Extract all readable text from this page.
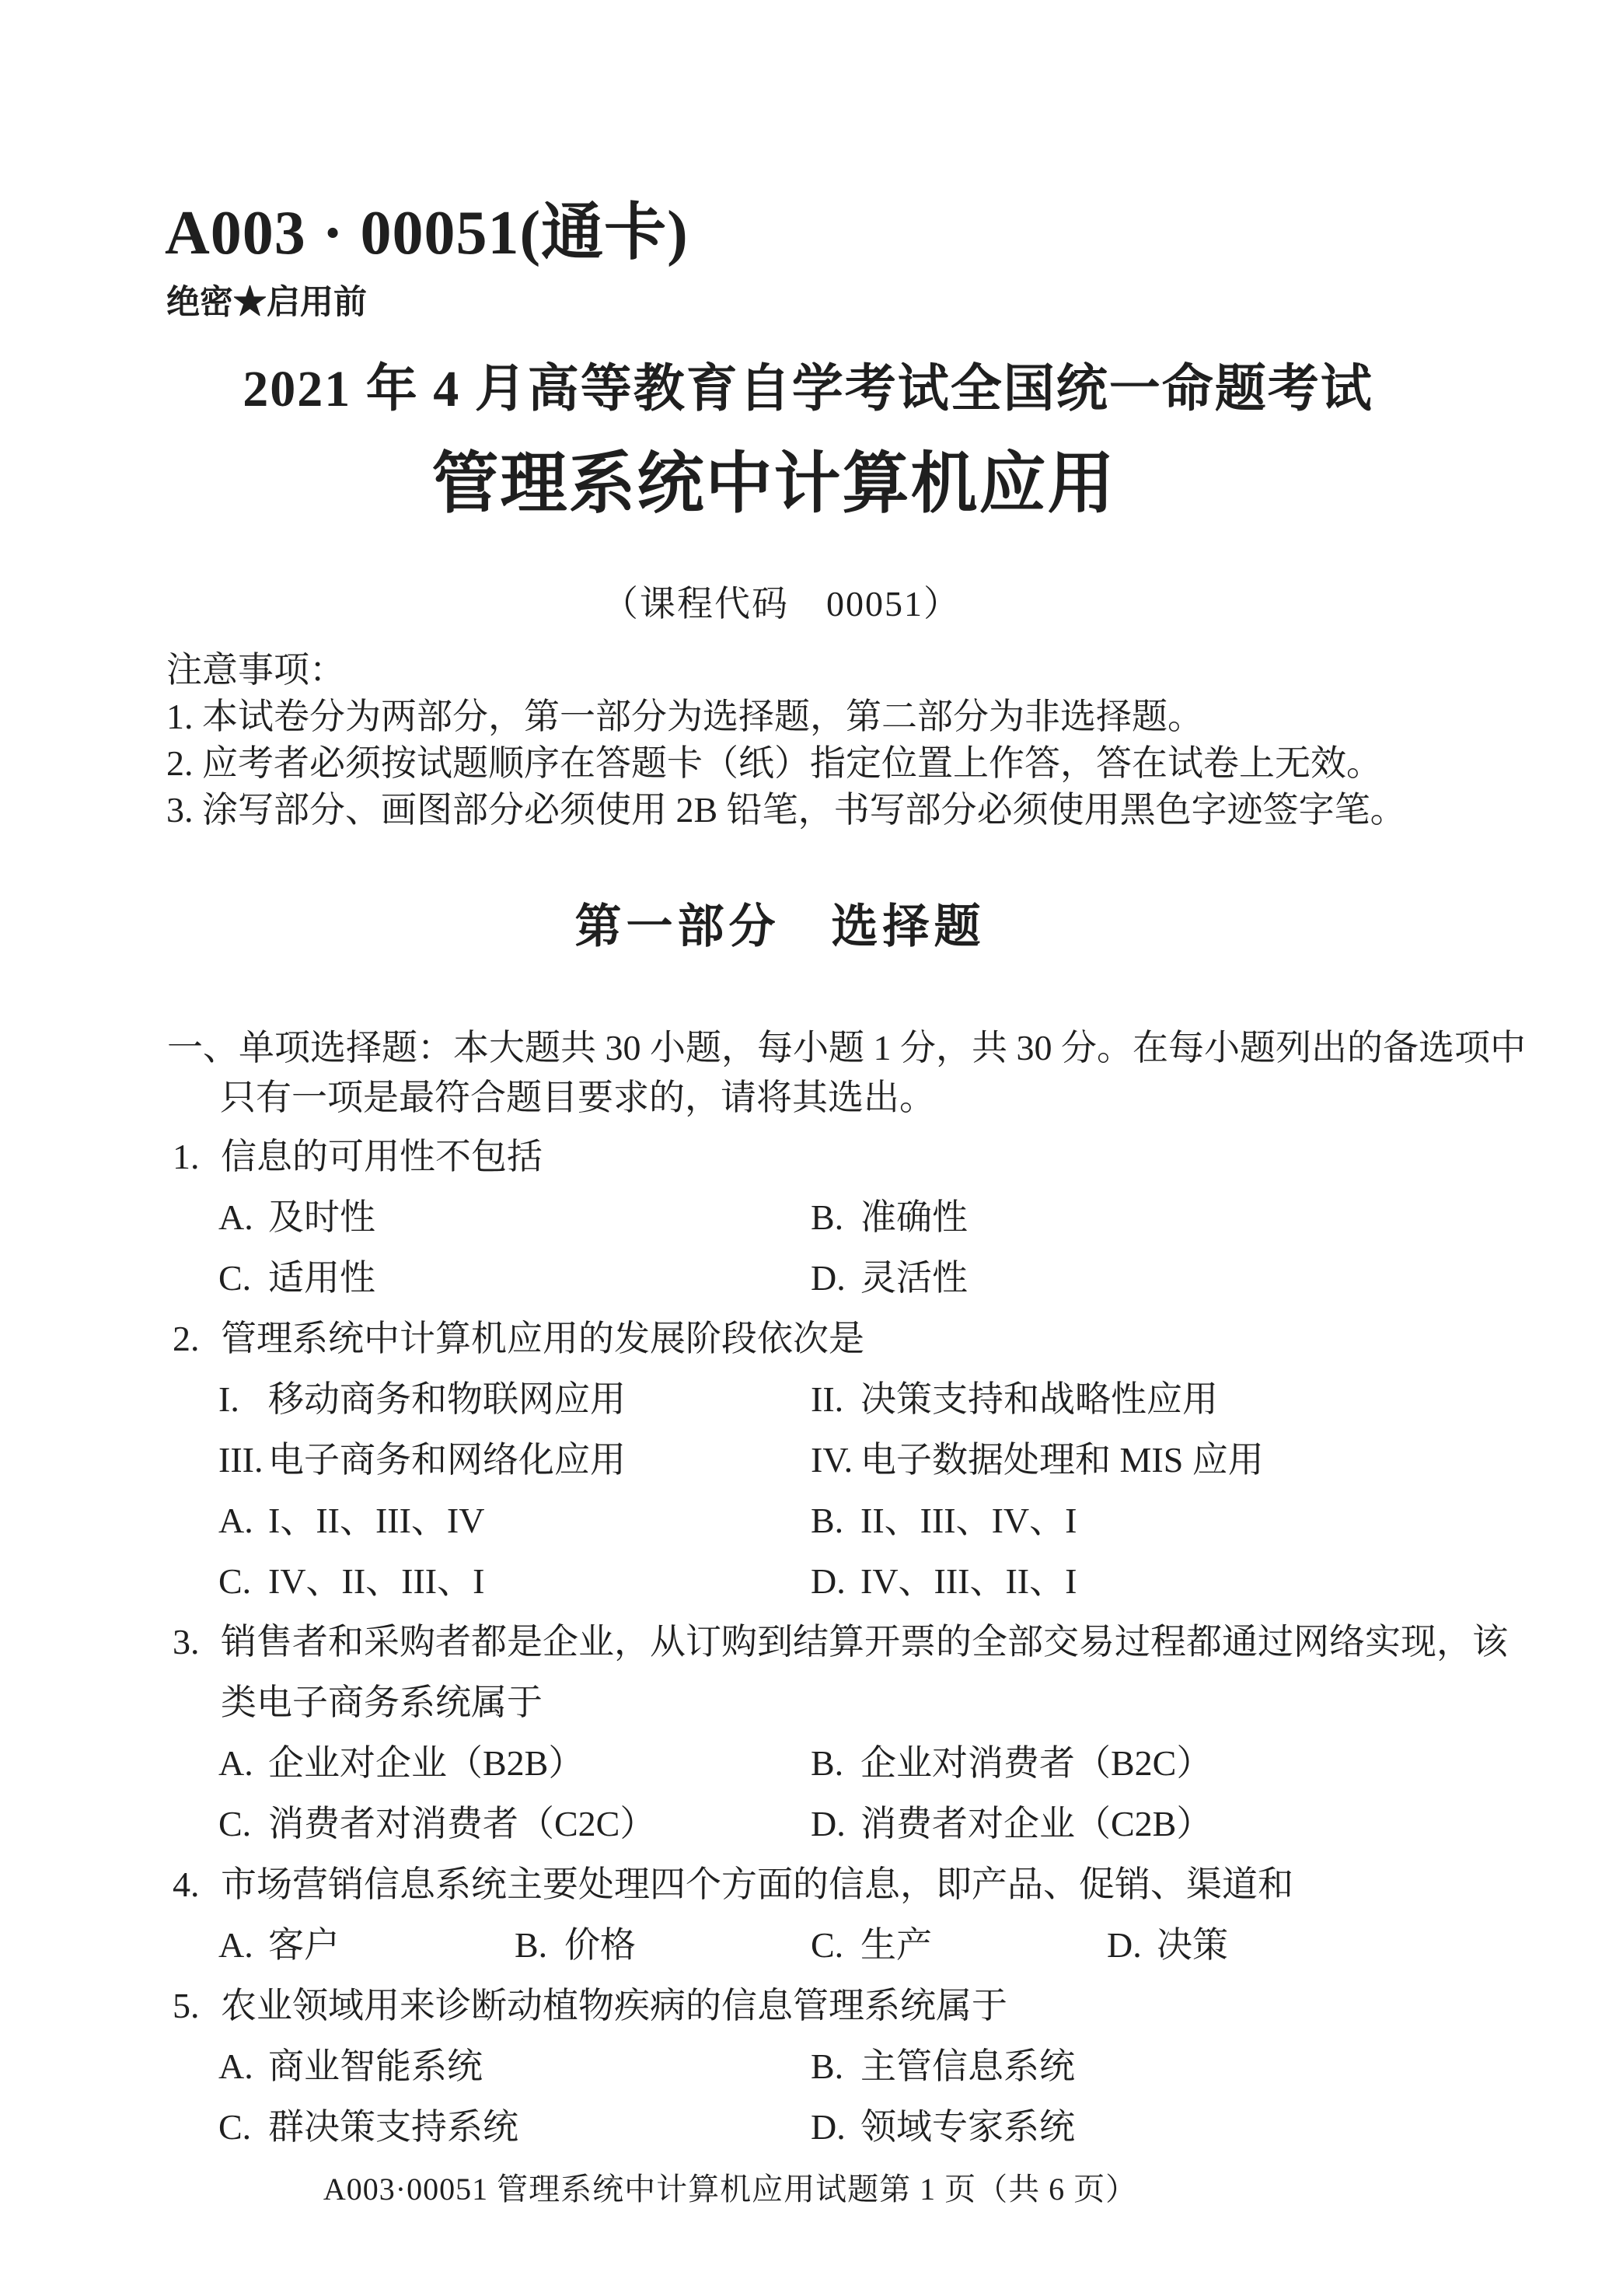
A003 · 00051(通卡)
绝密★启用前
2021 年 4 月高等教育自学考试全国统一命题考试
管理系统中计算机应用
（课程代码　00051）
注意事项：
1. 本试卷分为两部分，第一部分为选择题，第二部分为非选择题。
2. 应考者必须按试题顺序在答题卡（纸）指定位置上作答，答在试卷上无效。
3. 涂写部分、画图部分必须使用 2B 铅笔，书写部分必须使用黑色字迹签字笔。
第一部分　选择题
一、单项选择题：本大题共 30 小题，每小题 1 分，共 30 分。在每小题列出的备选项中
只有一项是最符合题目要求的，请将其选出。
1. 信息的可用性不包括
A. 及时性	B. 准确性
C. 适用性	D. 灵活性
2. 管理系统中计算机应用的发展阶段依次是
I. 移动商务和物联网应用	II. 决策支持和战略性应用
III. 电子商务和网络化应用	IV. 电子数据处理和 MIS 应用
A. I、II、III、IV	B. II、III、IV、I
C. IV、II、III、I	D. IV、III、II、I
3. 销售者和采购者都是企业，从订购到结算开票的全部交易过程都通过网络实现，该
类电子商务系统属于
A. 企业对企业（B2B）	B. 企业对消费者（B2C）
C. 消费者对消费者（C2C）	D. 消费者对企业（C2B）
4. 市场营销信息系统主要处理四个方面的信息，即产品、促销、渠道和
A. 客户	B. 价格	C. 生产	D. 决策
5. 农业领域用来诊断动植物疾病的信息管理系统属于
A. 商业智能系统	B. 主管信息系统
C. 群决策支持系统	D. 领域专家系统
A003·00051 管理系统中计算机应用试题第 1 页（共 6 页）
